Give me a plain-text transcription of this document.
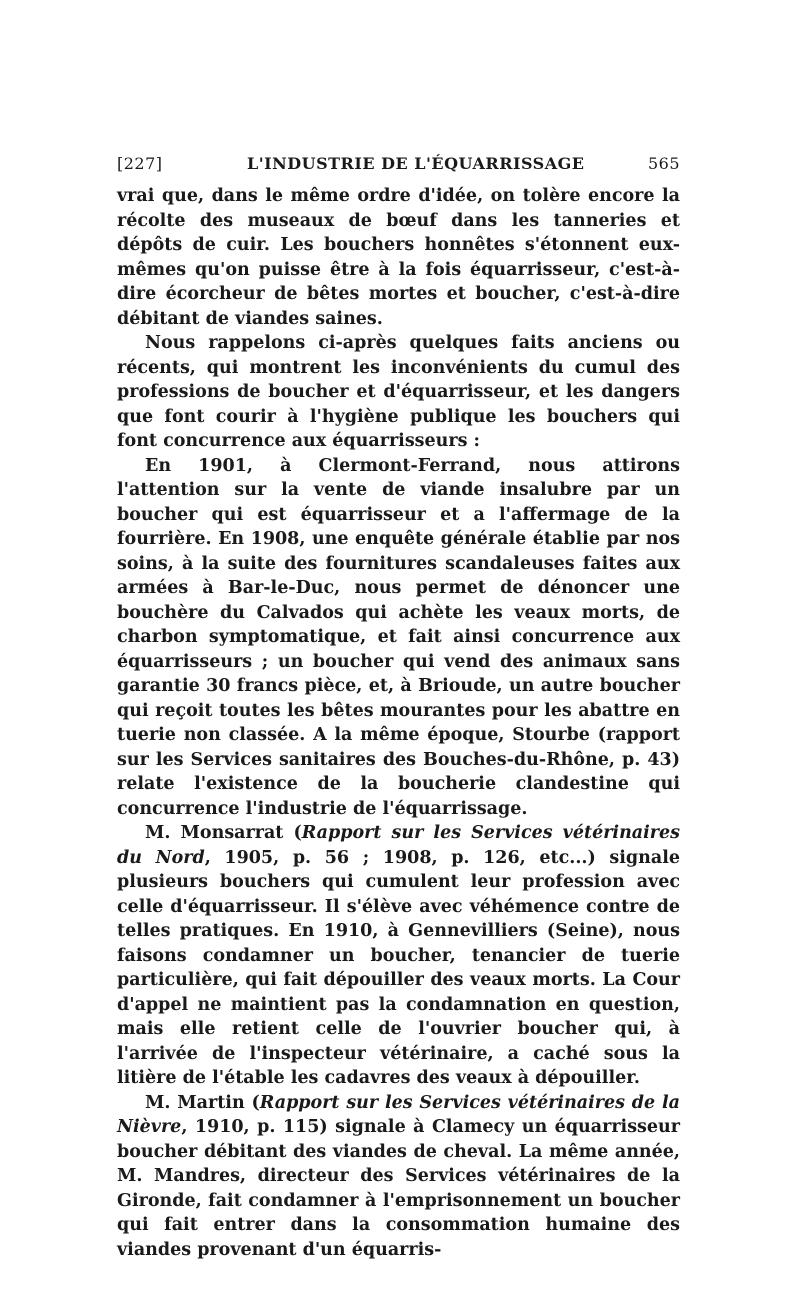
[227]	L'INDUSTRIE DE L'ÉQUARRISSAGE	565

vrai que, dans le même ordre d'idée, on tolère encore la récolte des museaux de bœuf dans les tanneries et dépôts de cuir. Les bouchers honnêtes s'étonnent eux-mêmes qu'on puisse être à la fois équarrisseur, c'est-à-dire écorcheur de bêtes mortes et boucher, c'est-à-dire débitant de viandes saines.

Nous rappelons ci-après quelques faits anciens ou récents, qui montrent les inconvénients du cumul des professions de boucher et d'équarrisseur, et les dangers que font courir à l'hygiène publique les bouchers qui font concurrence aux équarrisseurs :

En 1901, à Clermont-Ferrand, nous attirons l'attention sur la vente de viande insalubre par un boucher qui est équarrisseur et a l'affermage de la fourrière. En 1908, une enquête générale établie par nos soins, à la suite des fournitures scandaleuses faites aux armées à Bar-le-Duc, nous permet de dénoncer une bouchère du Calvados qui achète les veaux morts, de charbon symptomatique, et fait ainsi concurrence aux équarrisseurs ; un boucher qui vend des animaux sans garantie 30 francs pièce, et, à Brioude, un autre boucher qui reçoit toutes les bêtes mourantes pour les abattre en tuerie non classée. A la même époque, Stourbe (rapport sur les Services sanitaires des Bouches-du-Rhône, p. 43) relate l'existence de la boucherie clandestine qui concurrence l'industrie de l'équarrissage.

M. Monsarrat (Rapport sur les Services vétérinaires du Nord, 1905, p. 56 ; 1908, p. 126, etc...) signale plusieurs bouchers qui cumulent leur profession avec celle d'équarrisseur. Il s'élève avec véhémence contre de telles pratiques. En 1910, à Gennevilliers (Seine), nous faisons condamner un boucher, tenancier de tuerie particulière, qui fait dépouiller des veaux morts. La Cour d'appel ne maintient pas la condamnation en question, mais elle retient celle de l'ouvrier boucher qui, à l'arrivée de l'inspecteur vétérinaire, a caché sous la litière de l'étable les cadavres des veaux à dépouiller.

M. Martin (Rapport sur les Services vétérinaires de la Nièvre, 1910, p. 115) signale à Clamecy un équarrisseur boucher débitant des viandes de cheval. La même année, M. Mandres, directeur des Services vétérinaires de la Gironde, fait condamner à l'emprisonnement un boucher qui fait entrer dans la consommation humaine des viandes provenant d'un équarris-
